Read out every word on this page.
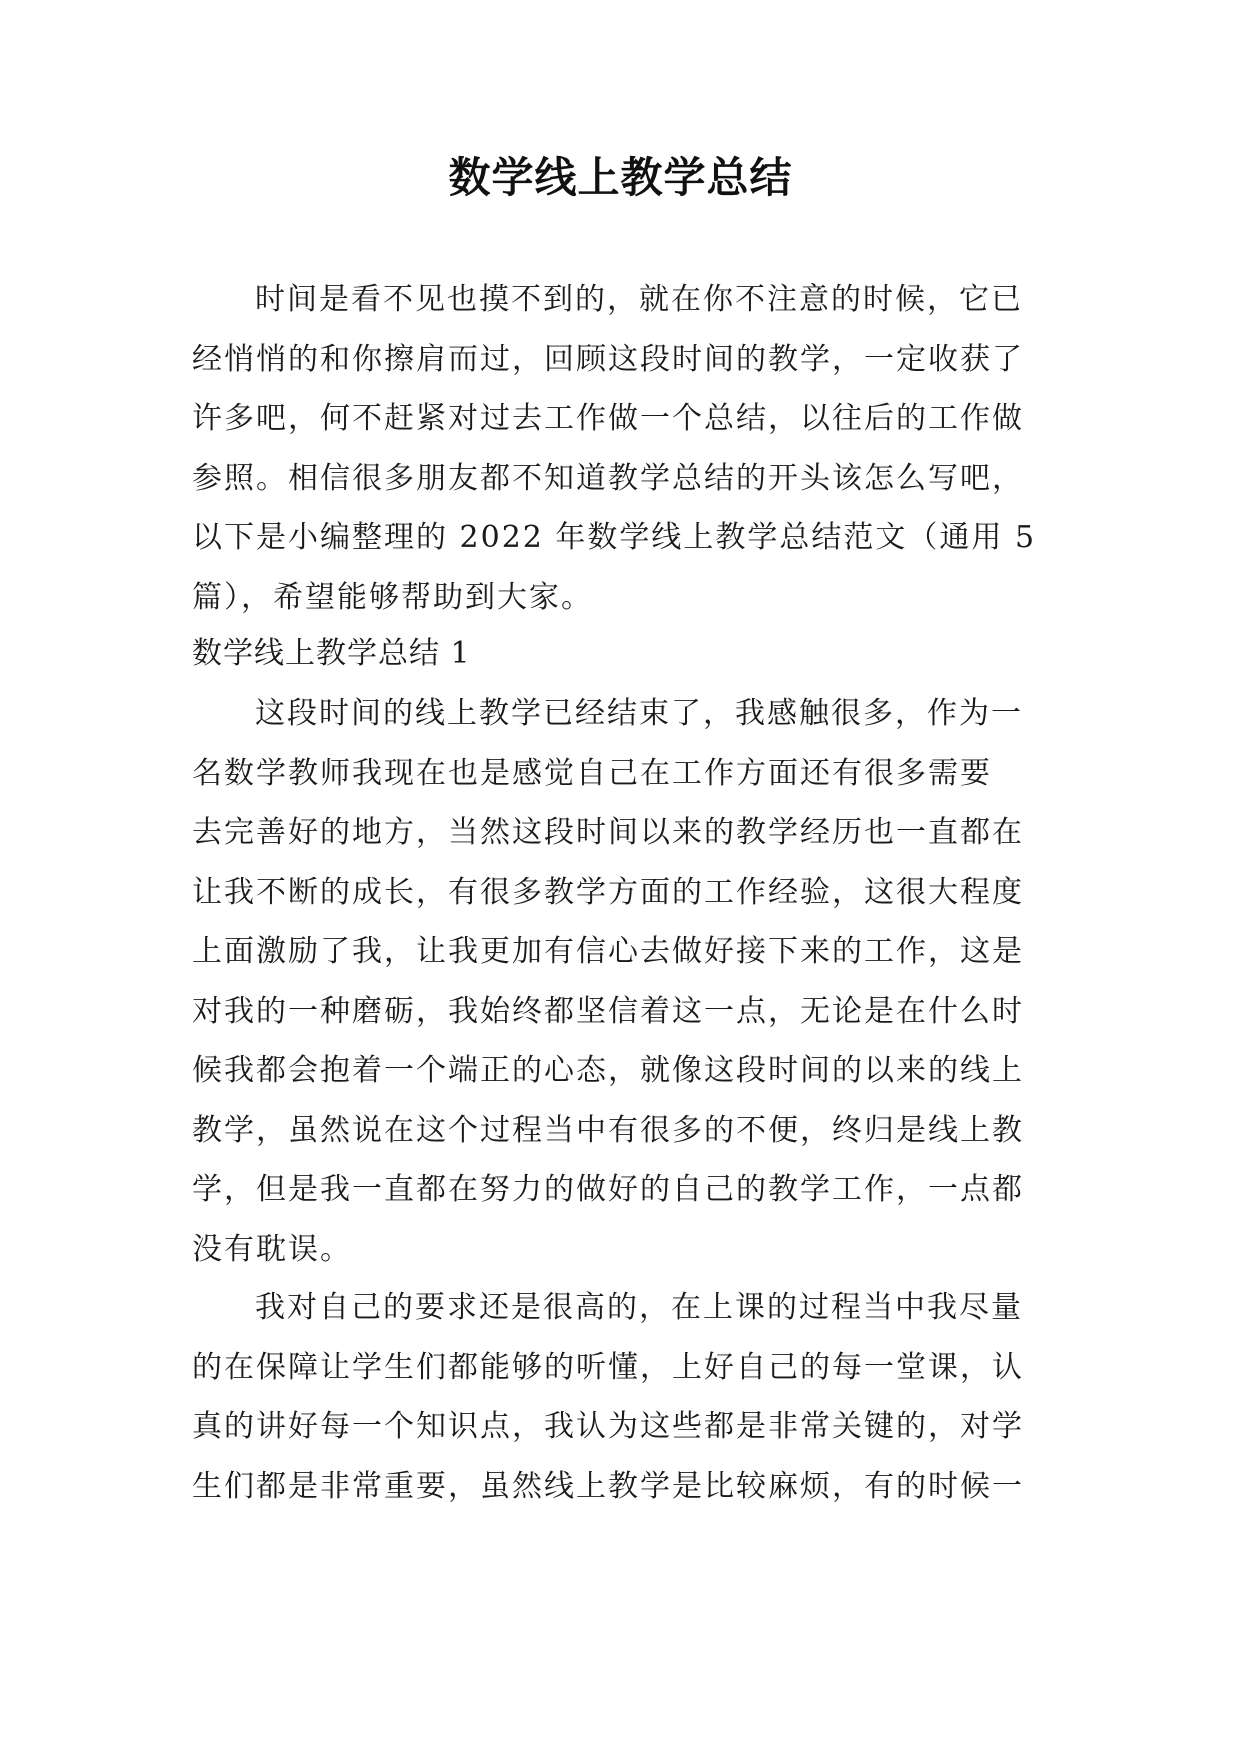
数学线上教学总结
时间是看不见也摸不到的，就在你不注意的时候，它已
经悄悄的和你擦肩而过，回顾这段时间的教学，一定收获了
许多吧，何不赶紧对过去工作做一个总结，以往后的工作做
参照。相信很多朋友都不知道教学总结的开头该怎么写吧，
以下是小编整理的 2022 年数学线上教学总结范文（通用 5
篇），希望能够帮助到大家。
数学线上教学总结 1
这段时间的线上教学已经结束了，我感触很多，作为一
名数学教师我现在也是感觉自己在工作方面还有很多需要
去完善好的地方，当然这段时间以来的教学经历也一直都在
让我不断的成长，有很多教学方面的工作经验，这很大程度
上面激励了我，让我更加有信心去做好接下来的工作，这是
对我的一种磨砺，我始终都坚信着这一点，无论是在什么时
候我都会抱着一个端正的心态，就像这段时间的以来的线上
教学，虽然说在这个过程当中有很多的不便，终归是线上教
学，但是我一直都在努力的做好的自己的教学工作，一点都
没有耽误。
我对自己的要求还是很高的，在上课的过程当中我尽量
的在保障让学生们都能够的听懂，上好自己的每一堂课，认
真的讲好每一个知识点，我认为这些都是非常关键的，对学
生们都是非常重要，虽然线上教学是比较麻烦，有的时候一
